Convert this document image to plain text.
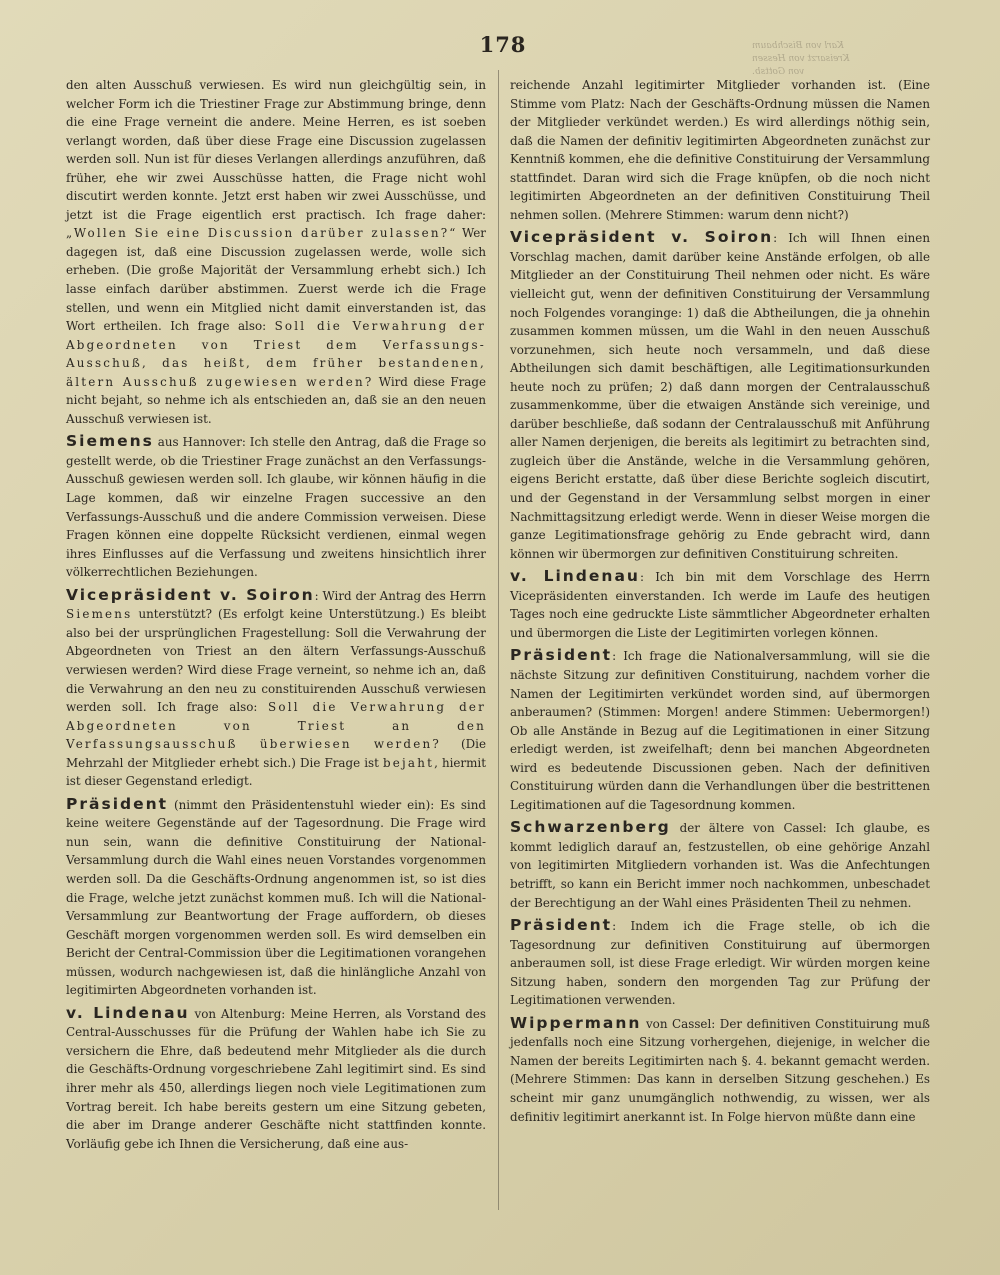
Karl von Bischbaum
Kreisarzt von Hessen
von Gottsb.
178

den alten Ausschuß verwiesen. Es wird nun gleichgültig sein, in welcher Form ich die Triestiner Frage zur Abstimmung bringe, denn die eine Frage verneint die andere. Meine Herren, es ist soeben verlangt worden, daß über diese Frage eine Discussion zugelassen werden soll. Nun ist für dieses Verlangen allerdings anzuführen, daß früher, ehe wir zwei Ausschüsse hatten, die Frage nicht wohl discutirt werden konnte. Jetzt erst haben wir zwei Ausschüsse, und jetzt ist die Frage eigentlich erst practisch. Ich frage daher: „Wollen Sie eine Discussion darüber zulassen?“ Wer dagegen ist, daß eine Discussion zugelassen werde, wolle sich erheben. (Die große Majorität der Versammlung erhebt sich.) Ich lasse einfach darüber abstimmen. Zuerst werde ich die Frage stellen, und wenn ein Mitglied nicht damit einverstanden ist, das Wort ertheilen. Ich frage also: Soll die Verwahrung der Abgeordneten von Triest dem Verfassungs-Ausschuß, das heißt, dem früher bestandenen, ältern Ausschuß zugewiesen werden? Wird diese Frage nicht bejaht, so nehme ich als entschieden an, daß sie an den neuen Ausschuß verwiesen ist.

Siemens aus Hannover: Ich stelle den Antrag, daß die Frage so gestellt werde, ob die Triestiner Frage zunächst an den Verfassungs-Ausschuß gewiesen werden soll. Ich glaube, wir können häufig in die Lage kommen, daß wir einzelne Fragen successive an den Verfassungs-Ausschuß und die andere Commission verweisen. Diese Fragen können eine doppelte Rücksicht verdienen, einmal wegen ihres Einflusses auf die Verfassung und zweitens hinsichtlich ihrer völkerrechtlichen Beziehungen.

Vicepräsident v. Soiron: Wird der Antrag des Herrn Siemens unterstützt? (Es erfolgt keine Unterstützung.) Es bleibt also bei der ursprünglichen Fragestellung: Soll die Verwahrung der Abgeordneten von Triest an den ältern Verfassungs-Ausschuß verwiesen werden? Wird diese Frage verneint, so nehme ich an, daß die Verwahrung an den neu zu constituirenden Ausschuß verwiesen werden soll. Ich frage also: Soll die Verwahrung der Abgeordneten von Triest an den Verfassungsausschuß überwiesen werden? (Die Mehrzahl der Mitglieder erhebt sich.) Die Frage ist bejaht, hiermit ist dieser Gegenstand erledigt.

Präsident (nimmt den Präsidentenstuhl wieder ein): Es sind keine weitere Gegenstände auf der Tagesordnung. Die Frage wird nun sein, wann die definitive Constituirung der National-Versammlung durch die Wahl eines neuen Vorstandes vorgenommen werden soll. Da die Geschäfts-Ordnung angenommen ist, so ist dies die Frage, welche jetzt zunächst kommen muß. Ich will die National-Versammlung zur Beantwortung der Frage auffordern, ob dieses Geschäft morgen vorgenommen werden soll. Es wird demselben ein Bericht der Central-Commission über die Legitimationen vorangehen müssen, wodurch nachgewiesen ist, daß die hinlängliche Anzahl von legitimirten Abgeordneten vorhanden ist.

v. Lindenau von Altenburg: Meine Herren, als Vorstand des Central-Ausschusses für die Prüfung der Wahlen habe ich Sie zu versichern die Ehre, daß bedeutend mehr Mitglieder als die durch die Geschäfts-Ordnung vorgeschriebene Zahl legitimirt sind. Es sind ihrer mehr als 450, allerdings liegen noch viele Legitimationen zum Vortrag bereit. Ich habe bereits gestern um eine Sitzung gebeten, die aber im Drange anderer Geschäfte nicht stattfinden konnte. Vorläufig gebe ich Ihnen die Versicherung, daß eine aus-

reichende Anzahl legitimirter Mitglieder vorhanden ist. (Eine Stimme vom Platz: Nach der Geschäfts-Ordnung müssen die Namen der Mitglieder verkündet werden.) Es wird allerdings nöthig sein, daß die Namen der definitiv legitimirten Abgeordneten zunächst zur Kenntniß kommen, ehe die definitive Constituirung der Versammlung stattfindet. Daran wird sich die Frage knüpfen, ob die noch nicht legitimirten Abgeordneten an der definitiven Constituirung Theil nehmen sollen. (Mehrere Stimmen: warum denn nicht?)

Vicepräsident v. Soiron: Ich will Ihnen einen Vorschlag machen, damit darüber keine Anstände erfolgen, ob alle Mitglieder an der Constituirung Theil nehmen oder nicht. Es wäre vielleicht gut, wenn der definitiven Constituirung der Versammlung noch Folgendes voranginge: 1) daß die Abtheilungen, die ja ohnehin zusammen kommen müssen, um die Wahl in den neuen Ausschuß vorzunehmen, sich heute noch versammeln, und daß diese Abtheilungen sich damit beschäftigen, alle Legitimationsurkunden heute noch zu prüfen; 2) daß dann morgen der Centralausschuß zusammenkomme, über die etwaigen Anstände sich vereinige, und darüber beschließe, daß sodann der Centralausschuß mit Anführung aller Namen derjenigen, die bereits als legitimirt zu betrachten sind, zugleich über die Anstände, welche in die Versammlung gehören, eigens Bericht erstatte, daß über diese Berichte sogleich discutirt, und der Gegenstand in der Versammlung selbst morgen in einer Nachmittagsitzung erledigt werde. Wenn in dieser Weise morgen die ganze Legitimationsfrage gehörig zu Ende gebracht wird, dann können wir übermorgen zur definitiven Constituirung schreiten.

v. Lindenau: Ich bin mit dem Vorschlage des Herrn Vicepräsidenten einverstanden. Ich werde im Laufe des heutigen Tages noch eine gedruckte Liste sämmtlicher Abgeordneter erhalten und übermorgen die Liste der Legitimirten vorlegen können.

Präsident: Ich frage die Nationalversammlung, will sie die nächste Sitzung zur definitiven Constituirung, nachdem vorher die Namen der Legitimirten verkündet worden sind, auf übermorgen anberaumen? (Stimmen: Morgen! andere Stimmen: Uebermorgen!) Ob alle Anstände in Bezug auf die Legitimationen in einer Sitzung erledigt werden, ist zweifelhaft; denn bei manchen Abgeordneten wird es bedeutende Discussionen geben. Nach der definitiven Constituirung würden dann die Verhandlungen über die bestrittenen Legitimationen auf die Tagesordnung kommen.

Schwarzenberg der ältere von Cassel: Ich glaube, es kommt lediglich darauf an, festzustellen, ob eine gehörige Anzahl von legitimirten Mitgliedern vorhanden ist. Was die Anfechtungen betrifft, so kann ein Bericht immer noch nachkommen, unbeschadet der Berechtigung an der Wahl eines Präsidenten Theil zu nehmen.

Präsident: Indem ich die Frage stelle, ob ich die Tagesordnung zur definitiven Constituirung auf übermorgen anberaumen soll, ist diese Frage erledigt. Wir würden morgen keine Sitzung haben, sondern den morgenden Tag zur Prüfung der Legitimationen verwenden.

Wippermann von Cassel: Der definitiven Constituirung muß jedenfalls noch eine Sitzung vorhergehen, diejenige, in welcher die Namen der bereits Legitimirten nach §. 4. bekannt gemacht werden. (Mehrere Stimmen: Das kann in derselben Sitzung geschehen.) Es scheint mir ganz unumgänglich nothwendig, zu wissen, wer als definitiv legitimirt anerkannt ist. In Folge hiervon müßte dann eine
